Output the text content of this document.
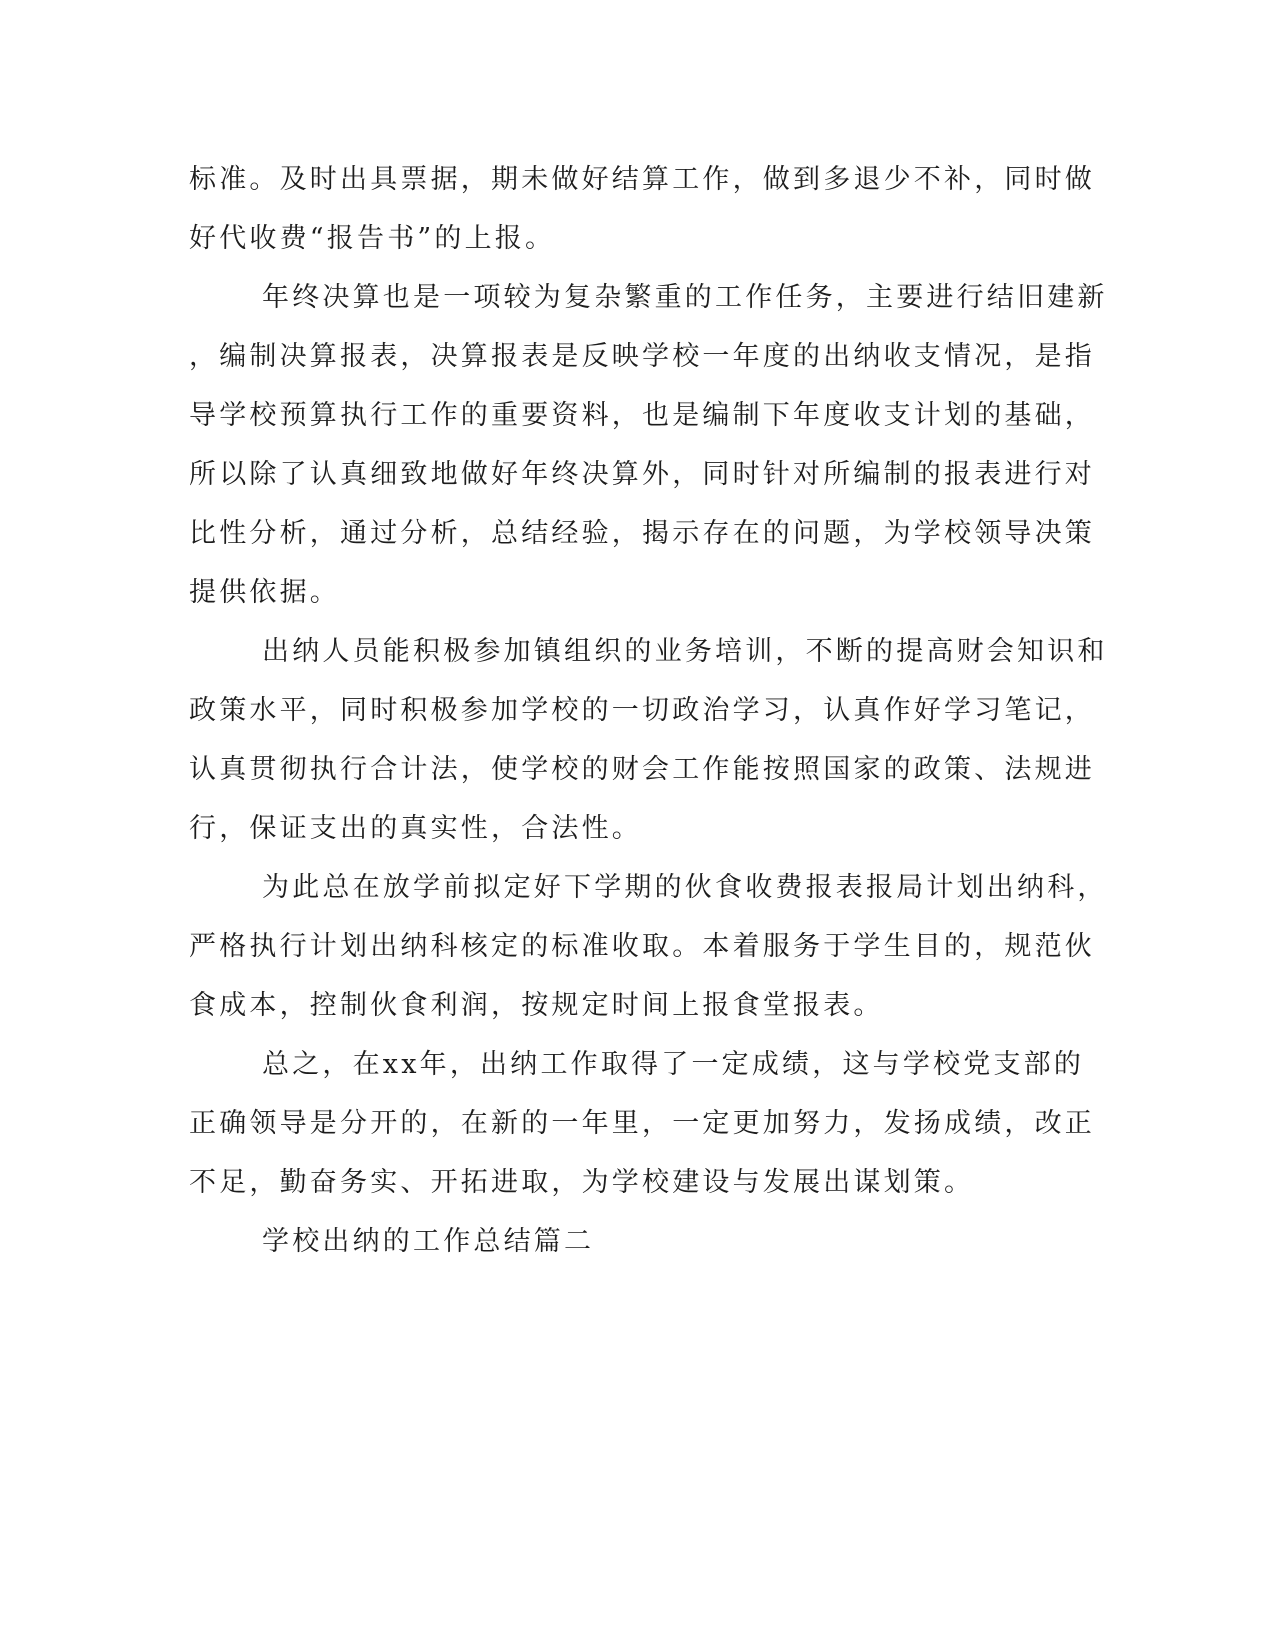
标准。及时出具票据，期未做好结算工作，做到多退少不补，同时做
好代收费“报告书”的上报。
年终决算也是一项较为复杂繁重的工作任务，主要进行结旧建新
，编制决算报表，决算报表是反映学校一年度的出纳收支情况，是指
导学校预算执行工作的重要资料，也是编制下年度收支计划的基础，
所以除了认真细致地做好年终决算外，同时针对所编制的报表进行对
比性分析，通过分析，总结经验，揭示存在的问题，为学校领导决策
提供依据。
出纳人员能积极参加镇组织的业务培训，不断的提高财会知识和
政策水平，同时积极参加学校的一切政治学习，认真作好学习笔记，
认真贯彻执行合计法，使学校的财会工作能按照国家的政策、法规进
行，保证支出的真实性，合法性。
为此总在放学前拟定好下学期的伙食收费报表报局计划出纳科，
严格执行计划出纳科核定的标准收取。本着服务于学生目的，规范伙
食成本，控制伙食利润，按规定时间上报食堂报表。
总之，在xx年，出纳工作取得了一定成绩，这与学校党支部的
正确领导是分开的，在新的一年里，一定更加努力，发扬成绩，改正
不足，勤奋务实、开拓进取，为学校建设与发展出谋划策。
学校出纳的工作总结篇二
